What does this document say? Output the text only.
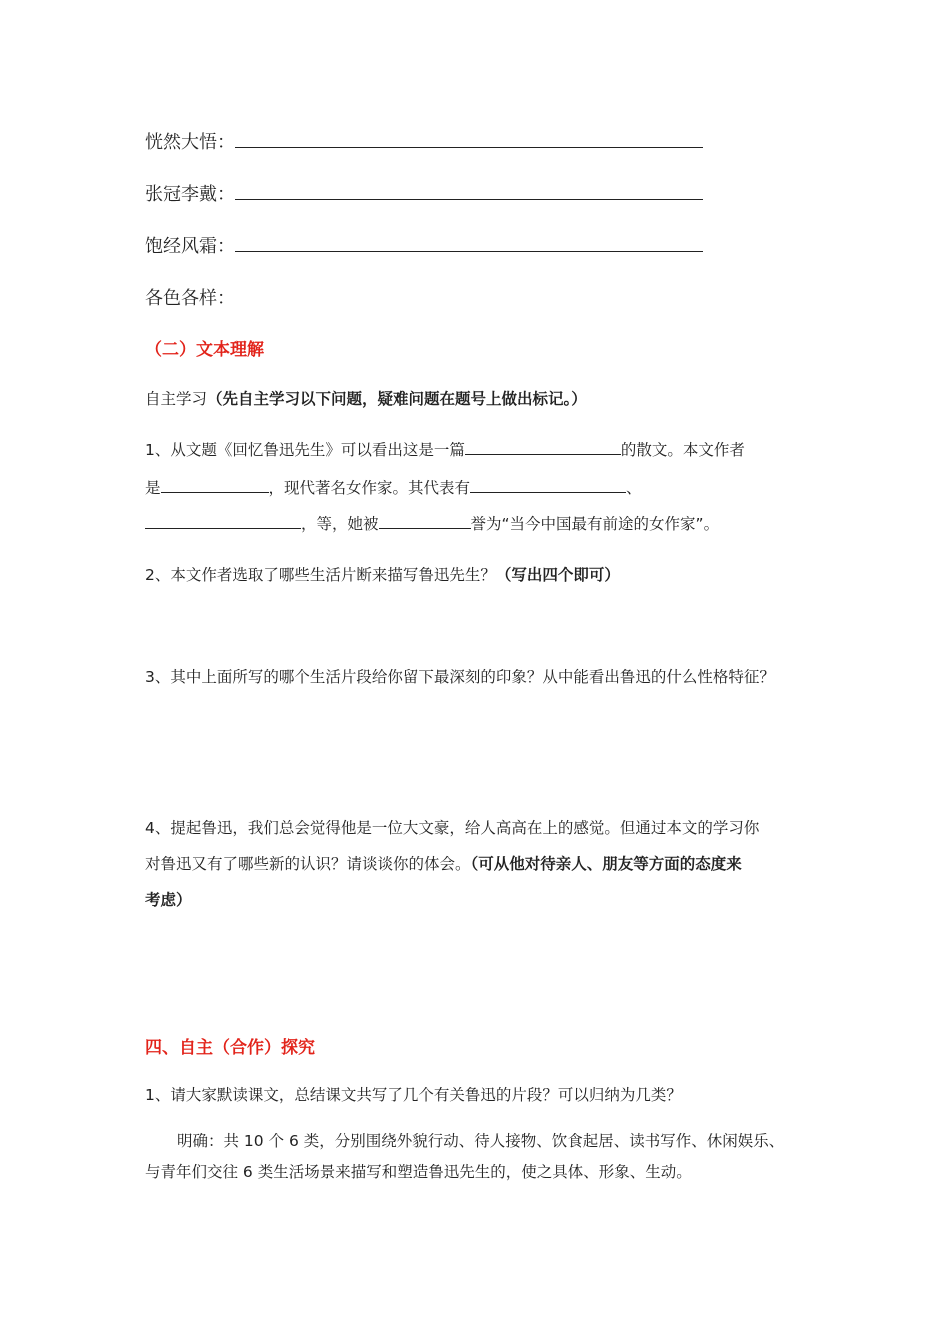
恍然大悟：
张冠李戴：
饱经风霜：
各色各样：
（二）文本理解
自主学习（先自主学习以下问题，疑难问题在题号上做出标记。）
1、从文题《回忆鲁迅先生》可以看出这是一篇	的散文。本文作者
是	，现代著名女作家。其代表有	、
，等，她被	誉为“当今中国最有前途的女作家”。
2、本文作者选取了哪些生活片断来描写鲁迅先生？（写出四个即可）
3、其中上面所写的哪个生活片段给你留下最深刻的印象？从中能看出鲁迅的什么性格特征？
4、提起鲁迅，我们总会觉得他是一位大文豪，给人高高在上的感觉。但通过本文的学习你
对鲁迅又有了哪些新的认识？请谈谈你的体会。（可从他对待亲人、朋友等方面的态度来
考虑）
四、自主（合作）探究
1、请大家默读课文，总结课文共写了几个有关鲁迅的片段？可以归纳为几类？
明确：共 10 个 6 类，分别围绕外貌行动、待人接物、饮食起居、读书写作、休闲娱乐、
与青年们交往 6 类生活场景来描写和塑造鲁迅先生的，使之具体、形象、生动。
